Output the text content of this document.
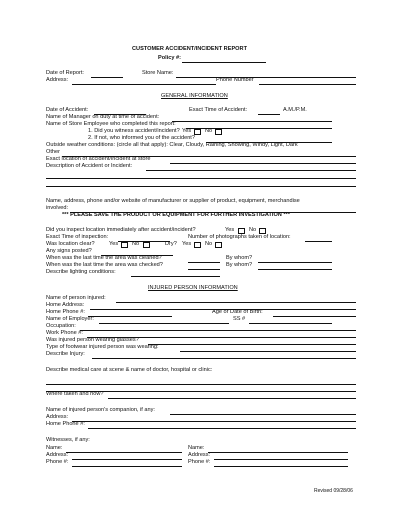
CUSTOMER ACCIDENT/INCIDENT REPORT
Policy #:
Date of Report:	Store Name:
Address:	Phone Number
GENERAL INFORMATION
Date of Accident:	Exact Time of Accident:	A.M./P.M.
Name of Manager on duty at time of accident:
Name of Store Employee who completed this report:
1. Did you witness accident/incident? Yes No
2. If not, who informed you of the accident?
Outside weather conditions: (circle all that apply): Clear, Cloudy, Raining, Snowing, Windy, Light, Dark
Other
Exact location of accident/incident at store
Description of Accident or Incident:
Name, address, phone and/or website of manufacturer or supplier of product, equipment, merchandise
involved:
*** PLEASE SAVE THE PRODUCT OR EQUIPMENT FOR FURTHER INVESTIGATION ***
Did you inspect location immediately after accident/incident?	Yes	No
Exact Time of inspection:	Number of photographs taken of location:
Was location clear?	Yes No	Dry? Yes No
Any signs posted?
When was the last time the area was cleaned?	By whom?
When was the last time the area was checked?	By whom?
Describe lighting conditions:
INJURED PERSON INFORMATION
Name of person injured:
Home Address:
Home Phone #:	Age or Date of Birth:
Name of Employer:	SS #
Occupation:
Work Phone #:
Was injured person wearing glasses?
Type of footwear injured person was wearing:
Describe Injury:
Describe medical care at scene & name of doctor, hospital or clinic:
Where taken and how?
Name of injured person's companion, if any:
Address:
Home Phone #:
Witnesses, if any:
Name:	Name:
Address:	Address:
Phone #:	Phone #:
Revised 09/28/06
